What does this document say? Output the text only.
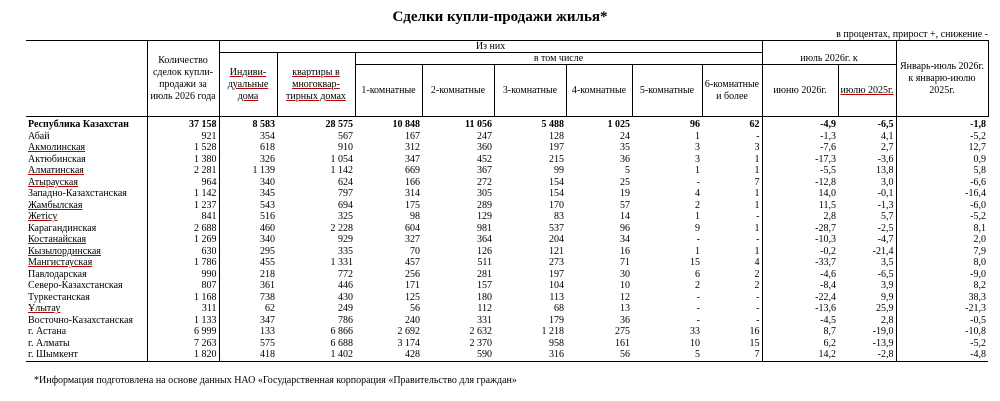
Сделки купли-продажи жилья*
в процентах, прирост +, снижение -
	Количество сделок купли-продажи за июль 2026 года	Из них								июль 2026г. к		Январь-июль 2026г. к январю-июлю 2025г.
		Индиви-дуальные дома	квартиры в многоквар-тирных домах	в том числе								
				1-комнатные	2-комнатные	3-комнатные	4-комнатные	5-комнатные	6-комнатные и более	июню 2026г.	июлю 2025г.	
Республика Казахстан	37 158	8 583	28 575	10 848	11 056	5 488	1 025	96	62	-4,9	-6,5	-1,8
Абай	921	354	567	167	247	128	24	1	-	-1,3	4,1	-5,2
Акмолинская	1 528	618	910	312	360	197	35	3	3	-7,6	2,7	12,7
Актюбинская	1 380	326	1 054	347	452	215	36	3	1	-17,3	-3,6	0,9
Алматинская	2 281	1 139	1 142	669	367	99	5	1	1	-5,5	13,8	5,8
Атырауская	964	340	624	166	272	154	25	-	7	-12,8	3,0	-6,6
Западно-Казахстанская	1 142	345	797	314	305	154	19	4	1	14,0	-0,1	-16,4
Жамбылская	1 237	543	694	175	289	170	57	2	1	11,5	-1,3	-6,0
Жетісу	841	516	325	98	129	83	14	1	-	2,8	5,7	-5,2
Карагандинская	2 688	460	2 228	604	981	537	96	9	1	-28,7	-2,5	8,1
Костанайская	1 269	340	929	327	364	204	34	-	-	-10,3	-4,7	2,0
Кызылординская	630	295	335	70	126	121	16	1	1	-0,2	-21,4	7,9
Мангистауская	1 786	455	1 331	457	511	273	71	15	4	-33,7	3,5	8,0
Павлодарская	990	218	772	256	281	197	30	6	2	-4,6	-6,5	-9,0
Северо-Казахстанская	807	361	446	171	157	104	10	2	2	-8,4	3,9	8,2
Туркестанская	1 168	738	430	125	180	113	12	-	-	-22,4	9,9	38,3
Ұлытау	311	62	249	56	112	68	13	-	-	-13,6	25,9	-21,3
Восточно-Казахстанская	1 133	347	786	240	331	179	36	-	-	-4,5	2,8	-0,5
г. Астана	6 999	133	6 866	2 692	2 632	1 218	275	33	16	8,7	-19,0	-10,8
г. Алматы	7 263	575	6 688	3 174	2 370	958	161	10	15	6,2	-13,9	-5,2
г. Шымкент	1 820	418	1 402	428	590	316	56	5	7	14,2	-2,8	-4,8
*Информация подготовлена на основе данных НАО «Государственная корпорация «Правительство для граждан»
